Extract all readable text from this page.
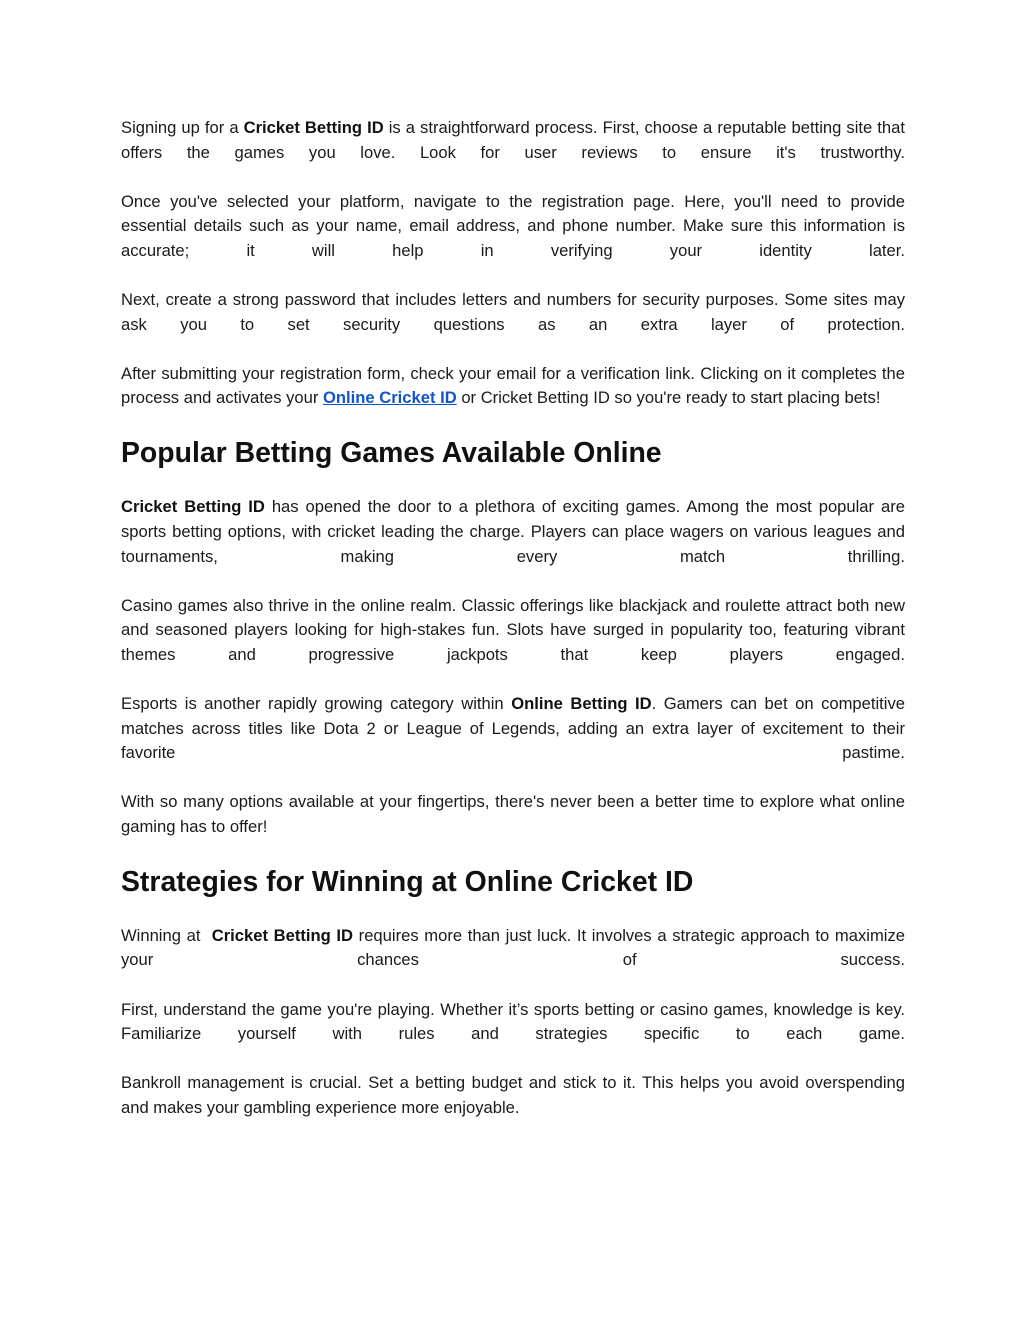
Signing up for a Cricket Betting ID is a straightforward process. First, choose a reputable betting site that offers the games you love. Look for user reviews to ensure it's trustworthy.

Once you've selected your platform, navigate to the registration page. Here, you'll need to provide essential details such as your name, email address, and phone number. Make sure this information is accurate; it will help in verifying your identity later.

Next, create a strong password that includes letters and numbers for security purposes. Some sites may ask you to set security questions as an extra layer of protection.

After submitting your registration form, check your email for a verification link. Clicking on it completes the process and activates your Online Cricket ID or Cricket Betting ID so you're ready to start placing bets!

Popular Betting Games Available Online

Cricket Betting ID has opened the door to a plethora of exciting games. Among the most popular are sports betting options, with cricket leading the charge. Players can place wagers on various leagues and tournaments, making every match thrilling.

Casino games also thrive in the online realm. Classic offerings like blackjack and roulette attract both new and seasoned players looking for high-stakes fun. Slots have surged in popularity too, featuring vibrant themes and progressive jackpots that keep players engaged.

Esports is another rapidly growing category within Online Betting ID. Gamers can bet on competitive matches across titles like Dota 2 or League of Legends, adding an extra layer of excitement to their favorite pastime.

With so many options available at your fingertips, there's never been a better time to explore what online gaming has to offer!

Strategies for Winning at Online Cricket ID

Winning at  Cricket Betting ID requires more than just luck. It involves a strategic approach to maximize your chances of success.

First, understand the game you're playing. Whether it’s sports betting or casino games, knowledge is key. Familiarize yourself with rules and strategies specific to each game.

Bankroll management is crucial. Set a betting budget and stick to it. This helps you avoid overspending and makes your gambling experience more enjoyable.
